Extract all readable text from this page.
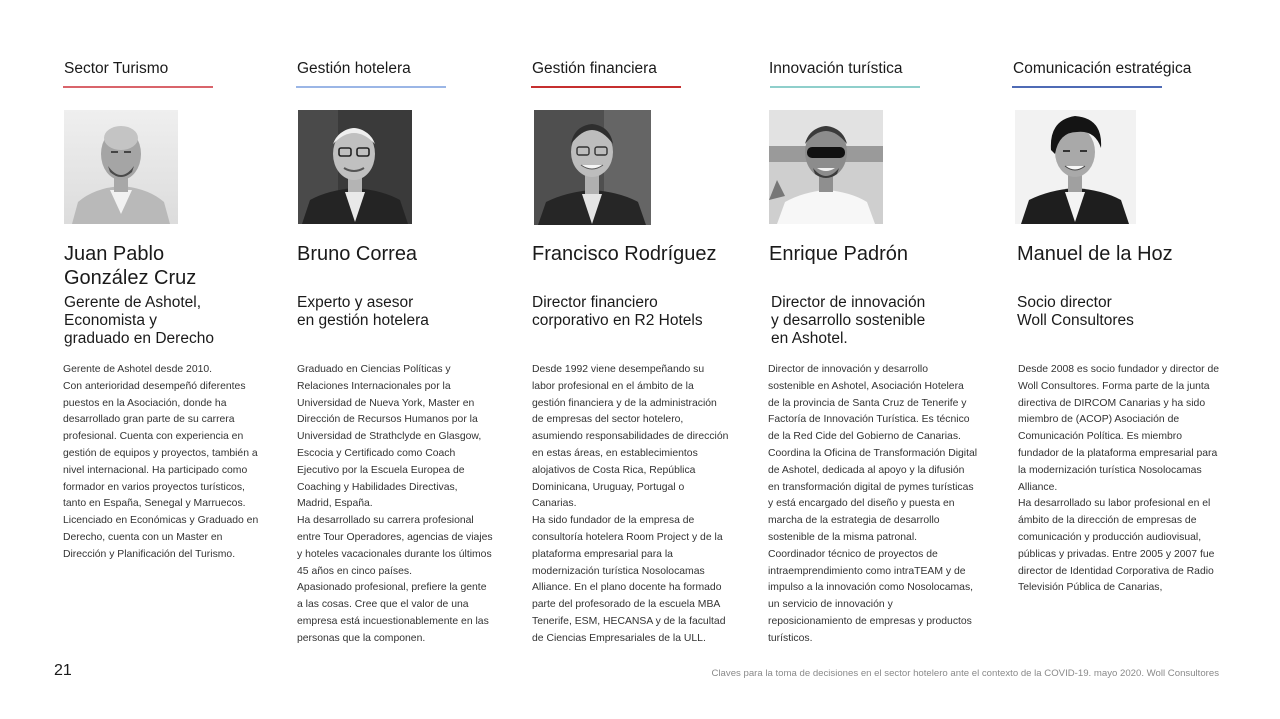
Sector Turismo
Juan Pablo
González Cruz
Gerente de Ashotel,
Economista y
graduado en Derecho
Gerente de Ashotel desde 2010.
Con anterioridad desempeñó diferentes
puestos en la Asociación, donde ha
desarrollado gran parte de su carrera
profesional. Cuenta con experiencia en
gestión de equipos y proyectos, también a
nivel internacional. Ha participado como
formador en varios proyectos turísticos,
tanto en España, Senegal y Marruecos.
Licenciado en Económicas y Graduado en
Derecho, cuenta con un Master en
Dirección y Planificación del Turismo.
Gestión hotelera
Bruno Correa
Experto y asesor
en gestión hotelera
Graduado en Ciencias Políticas y
Relaciones Internacionales por la
Universidad de Nueva York, Master en
Dirección de Recursos Humanos por la
Universidad de Strathclyde en Glasgow,
Escocia y Certificado como Coach
Ejecutivo por la Escuela Europea de
Coaching y Habilidades Directivas,
Madrid, España.
Ha desarrollado su carrera profesional
entre Tour Operadores, agencias de viajes
y hoteles vacacionales durante los últimos
45 años en cinco países.
Apasionado profesional, prefiere la gente
a las cosas. Cree que el valor de una
empresa está incuestionablemente en las
personas que la componen.
Gestión financiera
Francisco Rodríguez
Director financiero
corporativo en R2 Hotels
Desde 1992 viene desempeñando su
labor profesional en el ámbito de la
gestión financiera y de la administración
de empresas del sector hotelero,
asumiendo responsabilidades de dirección
en estas áreas, en establecimientos
alojativos de Costa Rica, República
Dominicana, Uruguay, Portugal o
Canarias.
Ha sido fundador de la empresa de
consultoría hotelera Room Project y de la
plataforma empresarial para la
modernización turística Nosolocamas
Alliance. En el plano docente ha formado
parte del profesorado de la escuela MBA
Tenerife, ESM, HECANSA y de la facultad
de Ciencias Empresariales de la ULL.
Innovación turística
Enrique Padrón
Director de innovación
y desarrollo sostenible
en Ashotel.
Director de innovación y desarrollo
sostenible en Ashotel, Asociación Hotelera
de la provincia de Santa Cruz de Tenerife y
Factoría de Innovación Turística. Es técnico
de la Red Cide del Gobierno de Canarias.
Coordina la Oficina de Transformación Digital
de Ashotel, dedicada al apoyo y la difusión
en transformación digital de pymes turísticas
y está encargado del diseño y puesta en
marcha de la estrategia de desarrollo
sostenible de la misma patronal.
Coordinador técnico de proyectos de
intraemprendimiento como intraTEAM y de
impulso a la innovación como Nosolocamas,
un servicio de innovación y
reposicionamiento de empresas y productos
turísticos.
Comunicación estratégica
Manuel de la Hoz
Socio director
Woll Consultores
Desde 2008 es socio fundador y director de
Woll Consultores. Forma parte de la junta
directiva de DIRCOM Canarias y ha sido
miembro de (ACOP) Asociación de
Comunicación Política. Es miembro
fundador de la plataforma empresarial para
la modernización turística Nosolocamas
Alliance.
Ha desarrollado su labor profesional en el
ámbito de la dirección de empresas de
comunicación y producción audiovisual,
públicas y privadas. Entre 2005 y 2007 fue
director de Identidad Corporativa de Radio
Televisión Pública de Canarias,
21	Claves para la toma de decisiones en el sector hotelero ante el contexto de la COVID-19. mayo 2020. Woll Consultores
